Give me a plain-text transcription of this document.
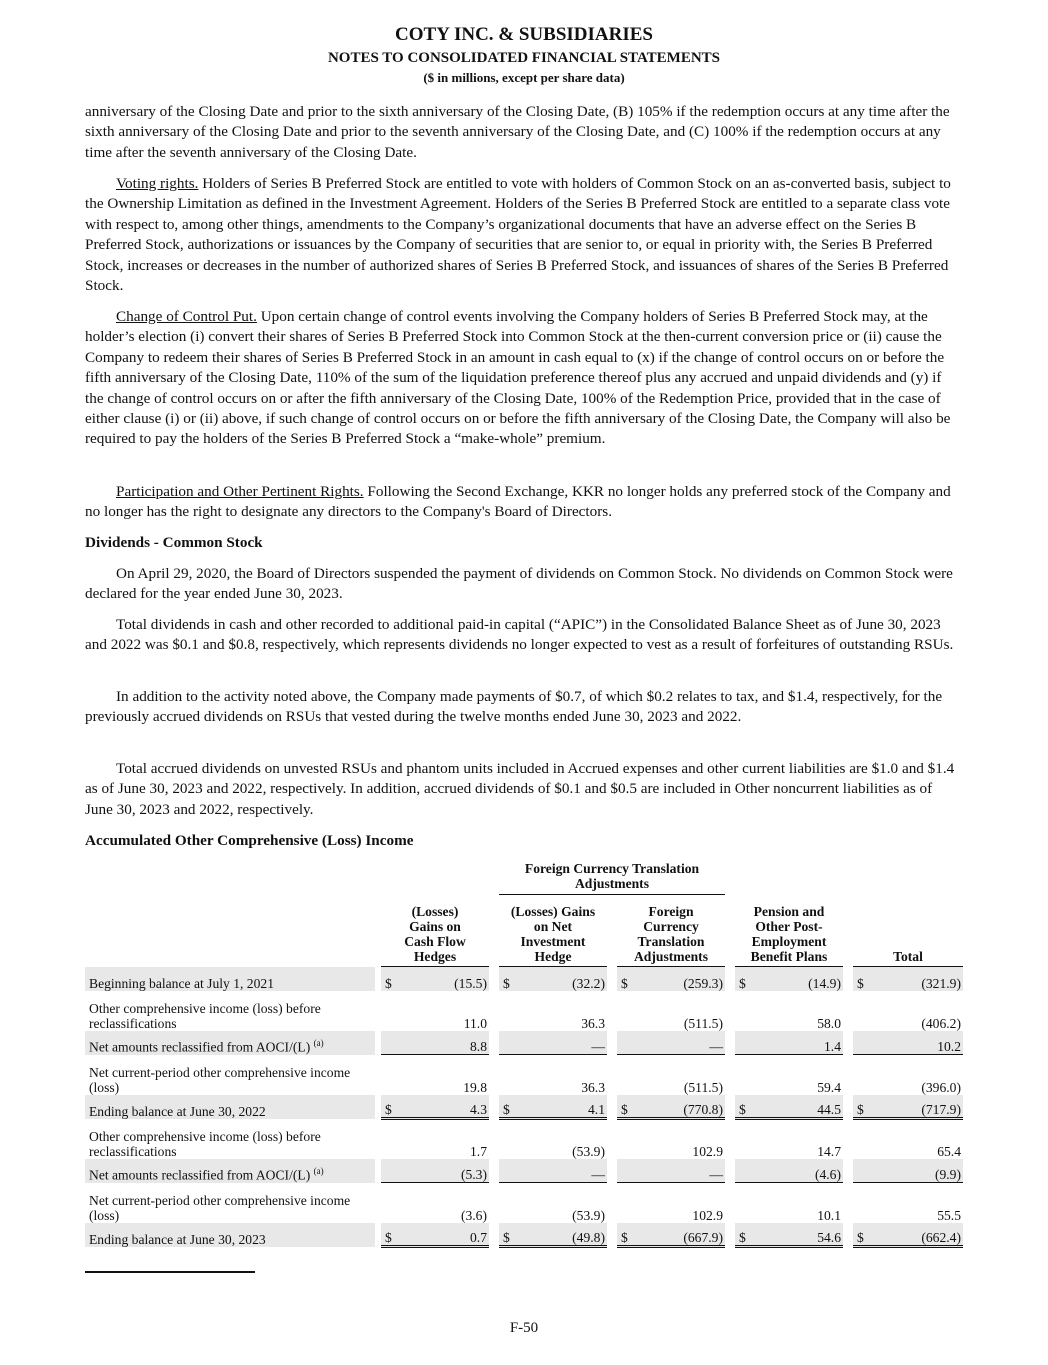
COTY INC. & SUBSIDIARIES
NOTES TO CONSOLIDATED FINANCIAL STATEMENTS
($ in millions, except per share data)

anniversary of the Closing Date and prior to the sixth anniversary of the Closing Date, (B) 105% if the redemption occurs at any time after the sixth anniversary of the Closing Date and prior to the seventh anniversary of the Closing Date, and (C) 100% if the redemption occurs at any time after the seventh anniversary of the Closing Date.

Voting rights. Holders of Series B Preferred Stock are entitled to vote with holders of Common Stock on an as-converted basis, subject to the Ownership Limitation as defined in the Investment Agreement. Holders of the Series B Preferred Stock are entitled to a separate class vote with respect to, among other things, amendments to the Company’s organizational documents that have an adverse effect on the Series B Preferred Stock, authorizations or issuances by the Company of securities that are senior to, or equal in priority with, the Series B Preferred Stock, increases or decreases in the number of authorized shares of Series B Preferred Stock, and issuances of shares of the Series B Preferred Stock.

Change of Control Put. Upon certain change of control events involving the Company holders of Series B Preferred Stock may, at the holder’s election (i) convert their shares of Series B Preferred Stock into Common Stock at the then-current conversion price or (ii) cause the Company to redeem their shares of Series B Preferred Stock in an amount in cash equal to (x) if the change of control occurs on or before the fifth anniversary of the Closing Date, 110% of the sum of the liquidation preference thereof plus any accrued and unpaid dividends and (y) if the change of control occurs on or after the fifth anniversary of the Closing Date, 100% of the Redemption Price, provided that in the case of either clause (i) or (ii) above, if such change of control occurs on or before the fifth anniversary of the Closing Date, the Company will also be required to pay the holders of the Series B Preferred Stock a “make-whole” premium.

Participation and Other Pertinent Rights. Following the Second Exchange, KKR no longer holds any preferred stock of the Company and no longer has the right to designate any directors to the Company's Board of Directors.

Dividends - Common Stock

On April 29, 2020, the Board of Directors suspended the payment of dividends on Common Stock. No dividends on Common Stock were declared for the year ended June 30, 2023.

Total dividends in cash and other recorded to additional paid-in capital (“APIC”) in the Consolidated Balance Sheet as of June 30, 2023 and 2022 was $0.1 and $0.8, respectively, which represents dividends no longer expected to vest as a result of forfeitures of outstanding RSUs.

In addition to the activity noted above, the Company made payments of $0.7, of which $0.2 relates to tax, and $1.4, respectively, for the previously accrued dividends on RSUs that vested during the twelve months ended June 30, 2023 and 2022.

Total accrued dividends on unvested RSUs and phantom units included in Accrued expenses and other current liabilities are $1.0 and $1.4 as of June 30, 2023 and 2022, respectively. In addition, accrued dividends of $0.1 and $0.5 are included in Other noncurrent liabilities as of June 30, 2023 and 2022, respectively.

Accumulated Other Comprehensive (Loss) Income

				Foreign Currency Translation Adjustments						
		(Losses) Gains on Cash Flow Hedges		(Losses) Gains on Net Investment Hedge		Foreign Currency Translation Adjustments		Pension and Other Post-Employment Benefit Plans		Total
Beginning balance at July 1, 2021		$ (15.5)		$ (32.2)		$ (259.3)		$ (14.9)		$ (321.9)

Other comprehensive income (loss) before reclassifications		11.0		36.3		(511.5)		58.0		(406.2)

Net amounts reclassified from AOCI/(L) $^{(a)}$		8.8		—		—		1.4		10.2

Net current-period other comprehensive income (loss)		19.8		36.3		(511.5)		59.4		(396.0)

Ending balance at June 30, 2022		$ 4.3		$ 4.1		$ (770.8)		$ 44.5		$ (717.9)

Other comprehensive income (loss) before reclassifications		1.7		(53.9)		102.9		14.7		65.4

Net amounts reclassified from AOCI/(L) $^{(a)}$		(5.3)		—		—		(4.6)		(9.9)

Net current-period other comprehensive income (loss)		(3.6)		(53.9)		102.9		10.1		55.5

Ending balance at June 30, 2023		$ 0.7		$ (49.8)		$ (667.9)		$ 54.6		$ (662.4)
F-50
